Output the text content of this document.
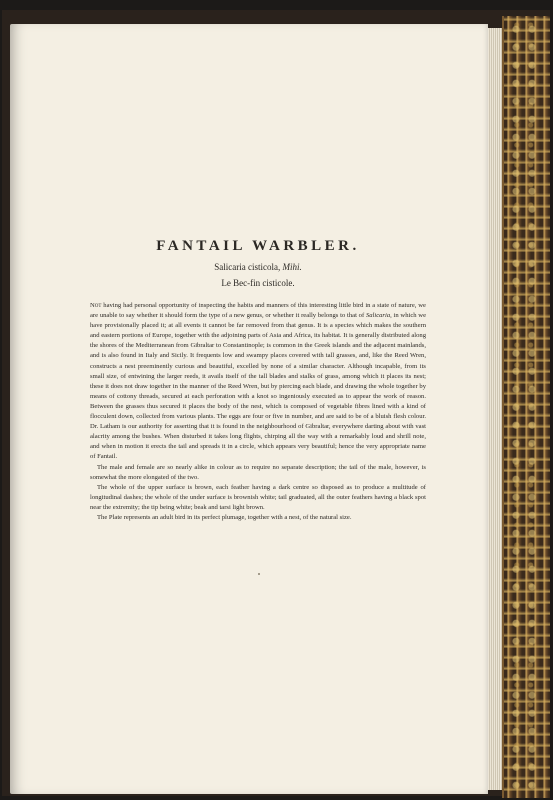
FANTAIL WARBLER.

Salicaria cisticola, Mihi.

Le Bec-fin cisticole.

Not having had personal opportunity of inspecting the habits and manners of this interesting little bird in a state of nature, we are unable to say whether it should form the type of a new genus, or whether it really belongs to that of Salicaria, in which we have provisionally placed it; at all events it cannot be far removed from that genus. It is a species which makes the southern and eastern portions of Europe, together with the adjoining parts of Asia and Africa, its habitat. It is generally distributed along the shores of the Mediterranean from Gibraltar to Constantinople; is common in the Greek islands and the adjacent mainlands, and is also found in Italy and Sicily. It frequents low and swampy places covered with tall grasses, and, like the Reed Wren, constructs a nest preeminently curious and beautiful, excelled by none of a similar character. Although incapable, from its small size, of entwining the larger reeds, it avails itself of the tall blades and stalks of grass, among which it places its nest; these it does not draw together in the manner of the Reed Wren, but by piercing each blade, and drawing the whole together by means of cottony threads, secured at each perforation with a knot so ingeniously executed as to appear the work of reason. Between the grasses thus secured it places the body of the nest, which is composed of vegetable fibres lined with a kind of flocculent down, collected from various plants. The eggs are four or five in number, and are said to be of a bluish flesh colour. Dr. Latham is our authority for asserting that it is found in the neighbourhood of Gibraltar, everywhere darting about with vast alacrity among the bushes. When disturbed it takes long flights, chirping all the way with a remarkably loud and shrill note, and when in motion it erects the tail and spreads it in a circle, which appears very beautiful; hence the very appropriate name of Fantail.

The male and female are so nearly alike in colour as to require no separate description; the tail of the male, however, is somewhat the more elongated of the two.

The whole of the upper surface is brown, each feather having a dark centre so disposed as to produce a multitude of longitudinal dashes; the whole of the under surface is brownish white; tail graduated, all the outer feathers having a black spot near the extremity; the tip being white; beak and tarsi light brown.

The Plate represents an adult bird in its perfect plumage, together with a nest, of the natural size.
